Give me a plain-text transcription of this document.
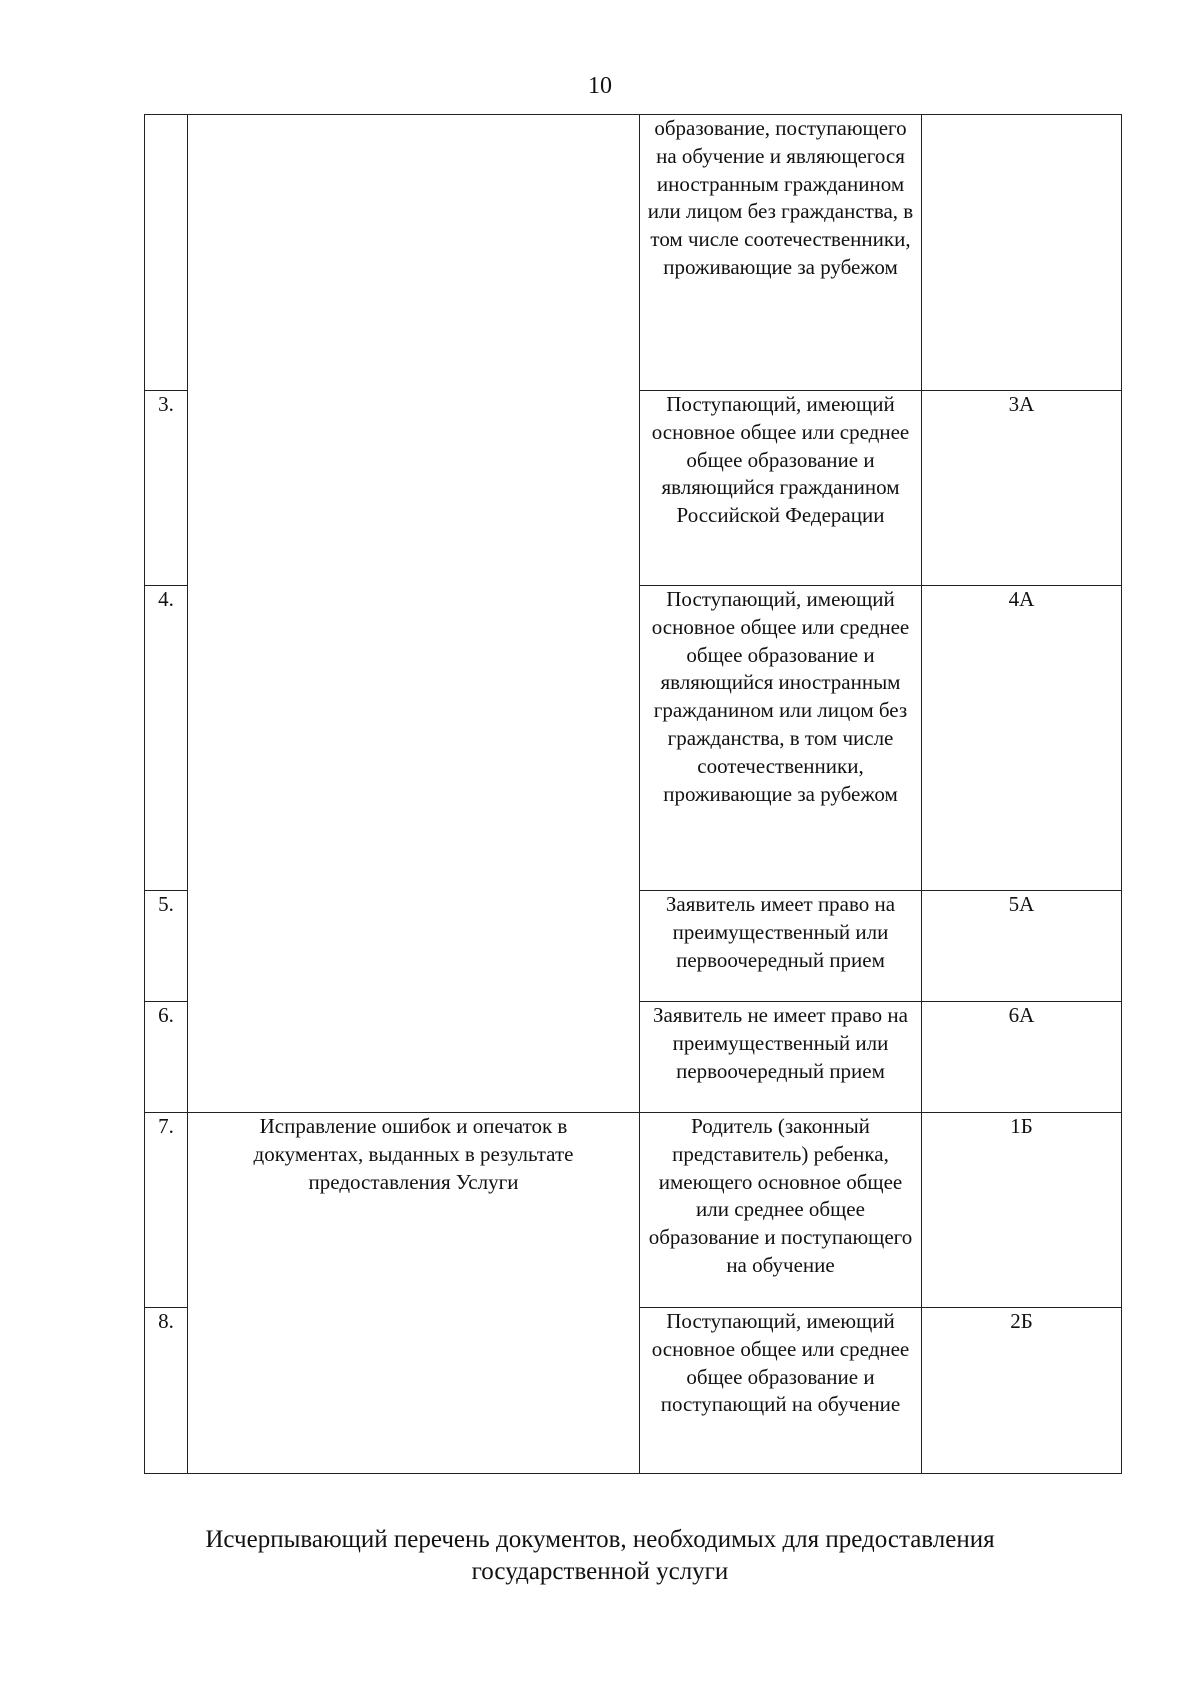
10

		образование, поступающего на обучение и являющегося иностранным гражданином или лицом без гражданства, в том числе соотечественники, проживающие за рубежом	

3.		Поступающий, имеющий основное общее или среднее общее образование и являющийся гражданином Российской Федерации	3А

4.		Поступающий, имеющий основное общее или среднее общее образование и являющийся иностранным гражданином или лицом без гражданства, в том числе соотечественники, проживающие за рубежом	4А

5.		Заявитель имеет право на преимущественный или первоочередный прием	5А

6.		Заявитель не имеет право на преимущественный или первоочередный прием	6А

7.	Исправление ошибок и опечаток в документах, выданных в результате предоставления Услуги	Родитель (законный представитель) ребенка, имеющего основное общее или среднее общее образование и поступающего на обучение	1Б

8.		Поступающий, имеющий основное общее или среднее общее образование и поступающий на обучение	2Б
Исчерпывающий перечень документов, необходимых для предоставления
государственной услуги
